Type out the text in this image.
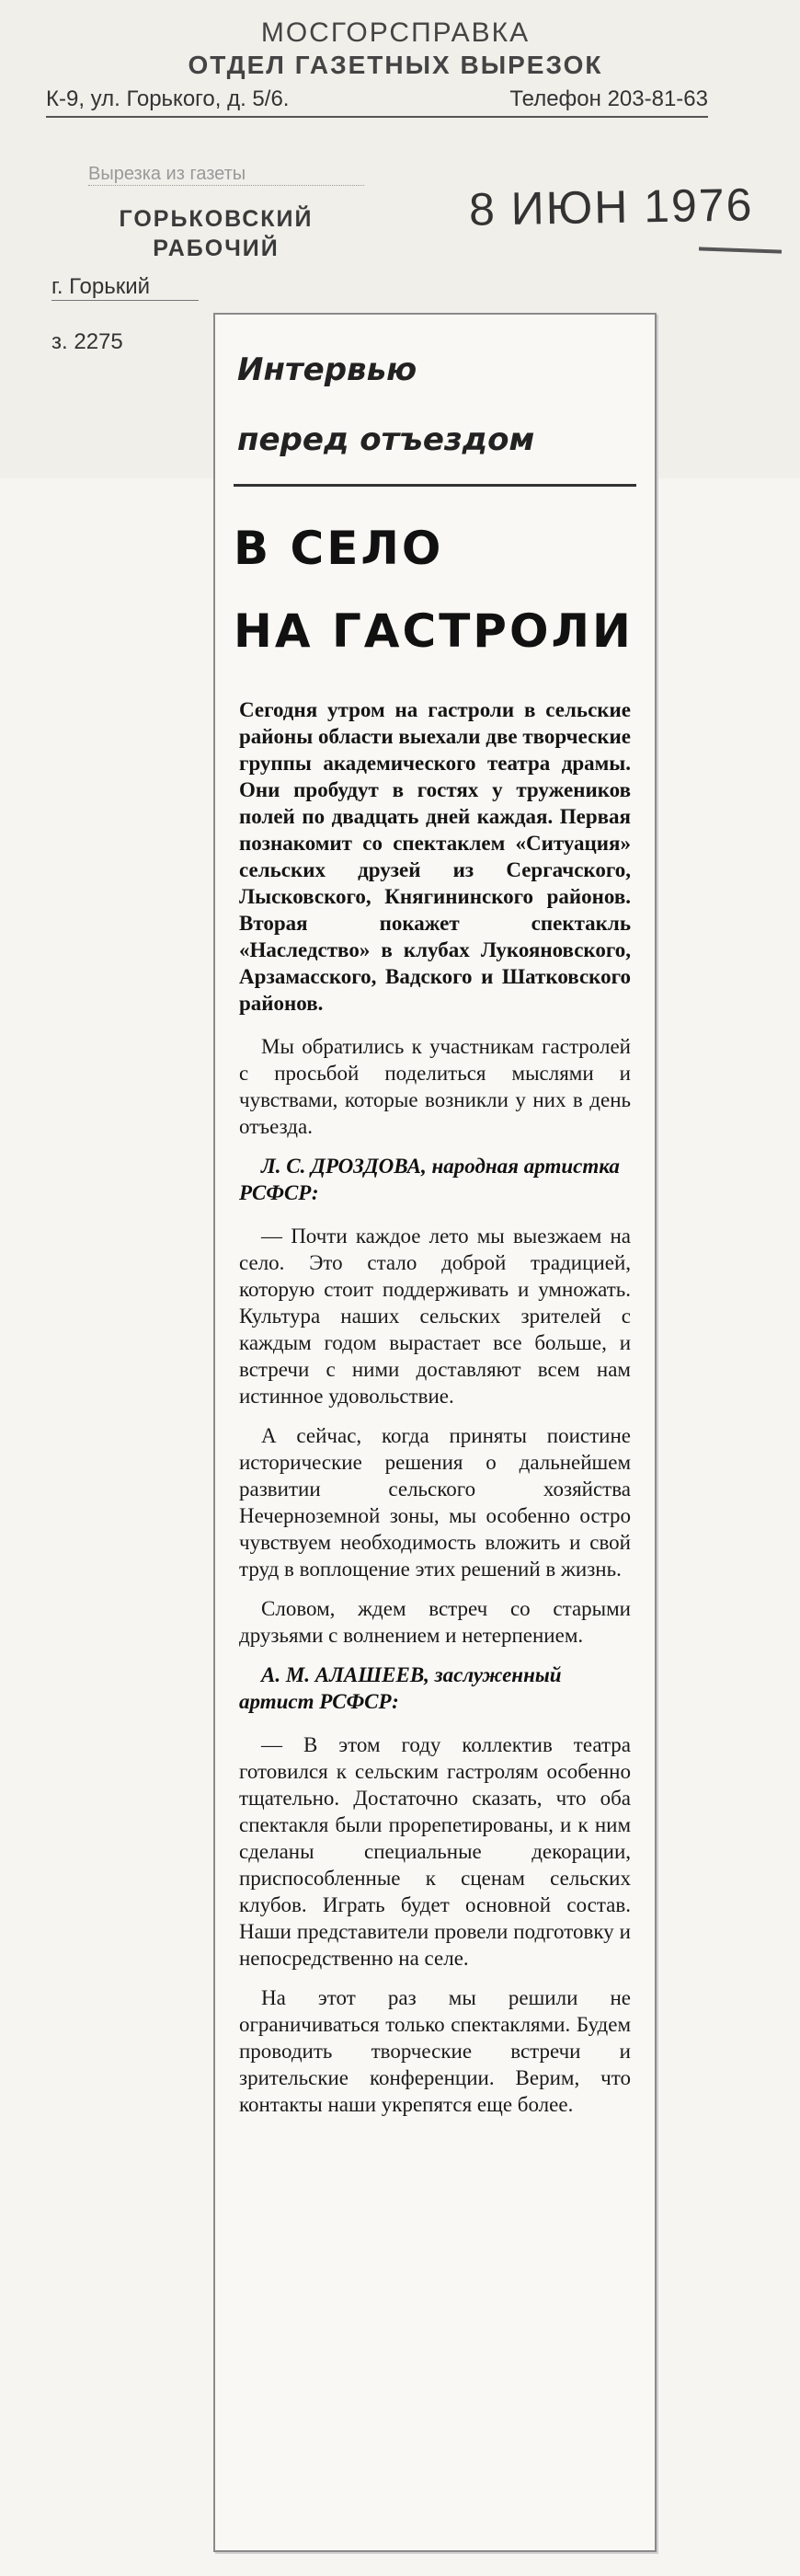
МОСГОРСПРАВКА
ОТДЕЛ ГАЗЕТНЫХ ВЫРЕЗОК
К-9, ул. Горького, д. 5/6.	Телефон 203-81-63
Вырезка из газеты
ГОРЬКОВСКИЙ РАБОЧИЙ
г. Горький
з. 2275
8 ИЮН 1976
Интервью
перед отъездом
В СЕЛО
НА ГАСТРОЛИ
Сегодня утром на гастроли в сельские районы области выехали две творческие группы академического театра драмы. Они пробудут в гостях у тружеников полей по двадцать дней каждая. Первая познакомит со спектаклем «Ситуация» сельских друзей из Сергачского, Лысковского, Княгининского районов. Вторая покажет спектакль «Наследство» в клубах Лукояновского, Арзамасского, Вадского и Шатковского районов.
Мы обратились к участникам гастролей с просьбой поделиться мыслями и чувствами, которые возникли у них в день отъезда.
Л. С. ДРОЗДОВА, народная артистка РСФСР:

— Почти каждое лето мы выезжаем на село. Это стало доброй традицией, которую стоит поддерживать и умножать. Культура наших сельских зрителей с каждым годом вырастает все больше, и встречи с ними доставляют всем нам истинное удовольствие.

А сейчас, когда приняты поистине исторические решения о дальнейшем развитии сельского хозяйства Нечерноземной зоны, мы особенно остро чувствуем необходимость вложить и свой труд в воплощение этих решений в жизнь.

Словом, ждем встреч со старыми друзьями с волнением и нетерпением.

А. М. АЛАШЕЕВ, заслуженный артист РСФСР:

— В этом году коллектив театра готовился к сельским гастролям особенно тщательно. Достаточно сказать, что оба спектакля были прорепетированы, и к ним сделаны специальные декорации, приспособленные к сценам сельских клубов. Играть будет основной состав. Наши представители провели подготовку и непосредственно на селе.

На этот раз мы решили не ограничиваться только спектаклями. Будем проводить творческие встречи и зрительские конференции. Верим, что контакты наши укрепятся еще более.
